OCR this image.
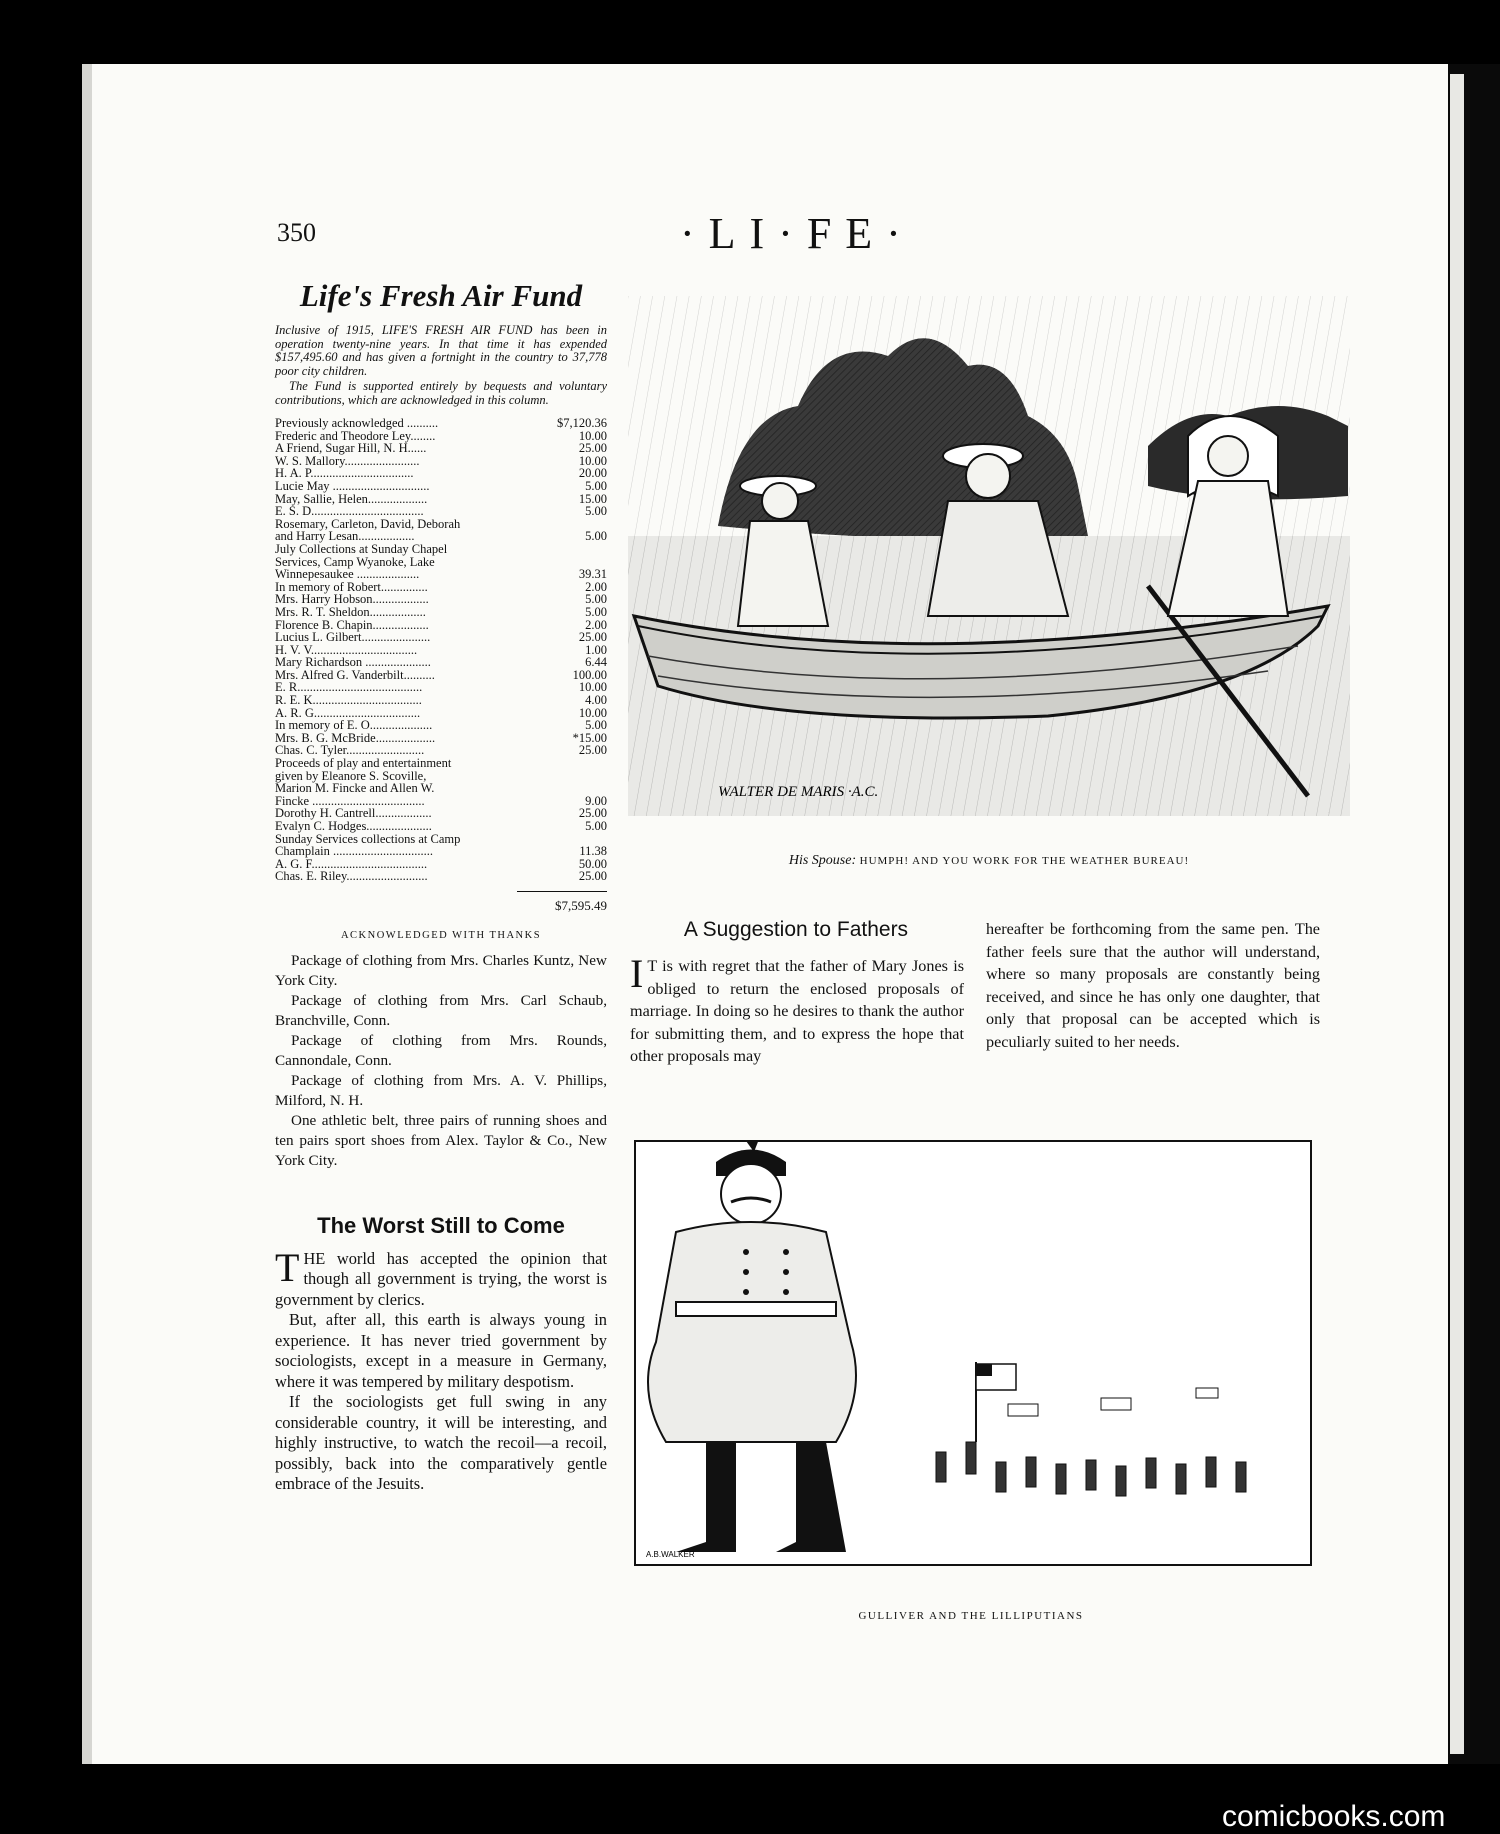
350	·LI·FE·
Life's Fresh Air Fund

Inclusive of 1915, LIFE'S FRESH AIR FUND has been in operation twenty-nine years. In that time it has expended $157,495.60 and has given a fortnight in the country to 37,778 poor city children.

The Fund is supported entirely by bequests and voluntary contributions, which are acknowledged in this column.

Previously acknowledged ..........	$7,120.36
Frederic and Theodore Ley........	10.00
A Friend, Sugar Hill, N. H......	25.00
W. S. Mallory........................	10.00
H. A. P.................................	20.00
Lucie May ...............................	5.00
May, Sallie, Helen...................	15.00
E. S. D....................................	5.00
Rosemary, Carleton, David, Deborah
and Harry Lesan..................	5.00
July Collections at Sunday Chapel
Services, Camp Wyanoke, Lake
Winnepesaukee ....................	39.31
In memory of Robert...............	2.00
Mrs. Harry Hobson..................	5.00
Mrs. R. T. Sheldon..................	5.00
Florence B. Chapin..................	2.00
Lucius L. Gilbert......................	25.00
H. V. V..................................	1.00
Mary Richardson .....................	6.44
Mrs. Alfred G. Vanderbilt..........	100.00
E. R........................................	10.00
R. E. K...................................	4.00
A. R. G..................................	10.00
In memory of E. O....................	5.00
Mrs. B. G. McBride...................	*15.00
Chas. C. Tyler.........................	25.00
Proceeds of play and entertainment
given by Eleanore S. Scoville,
Marion M. Fincke and Allen W.
Fincke ....................................	9.00
Dorothy H. Cantrell..................	25.00
Evalyn C. Hodges.....................	5.00
Sunday Services collections at Camp
Champlain ................................	11.38
A. G. F.....................................	50.00
Chas. E. Riley..........................	25.00
$7,595.49
ACKNOWLEDGED WITH THANKS

Package of clothing from Mrs. Charles Kuntz, New York City.

Package of clothing from Mrs. Carl Schaub, Branchville, Conn.

Package of clothing from Mrs. Rounds, Cannondale, Conn.

Package of clothing from Mrs. A. V. Phillips, Milford, N. H.

One athletic belt, three pairs of running shoes and ten pairs sport shoes from Alex. Taylor & Co., New York City.

The Worst Still to Come

THE world has accepted the opinion that though all government is trying, the worst is government by clerics.

But, after all, this earth is always young in experience. It has never tried government by sociologists, except in a measure in Germany, where it was tempered by military despotism.

If the sociologists get full swing in any considerable country, it will be interesting, and highly instructive, to watch the recoil—a recoil, possibly, back into the comparatively gentle embrace of the Jesuits.

WALTER DE MARIS ·A.C.
His Spouse: HUMPH! AND YOU WORK FOR THE WEATHER BUREAU!
A Suggestion to Fathers

I T is with regret that the father of Mary Jones is obliged to return the enclosed proposals of marriage. In doing so he desires to thank the author for submitting them, and to express the hope that other proposals may

hereafter be forthcoming from the same pen. The father feels sure that the author will understand, where so many proposals are constantly being received, and since he has only one daughter, that only that proposal can be accepted which is peculiarly suited to her needs.

A.B.WALKER
GULLIVER AND THE LILLIPUTIANS
comicbooks.com
